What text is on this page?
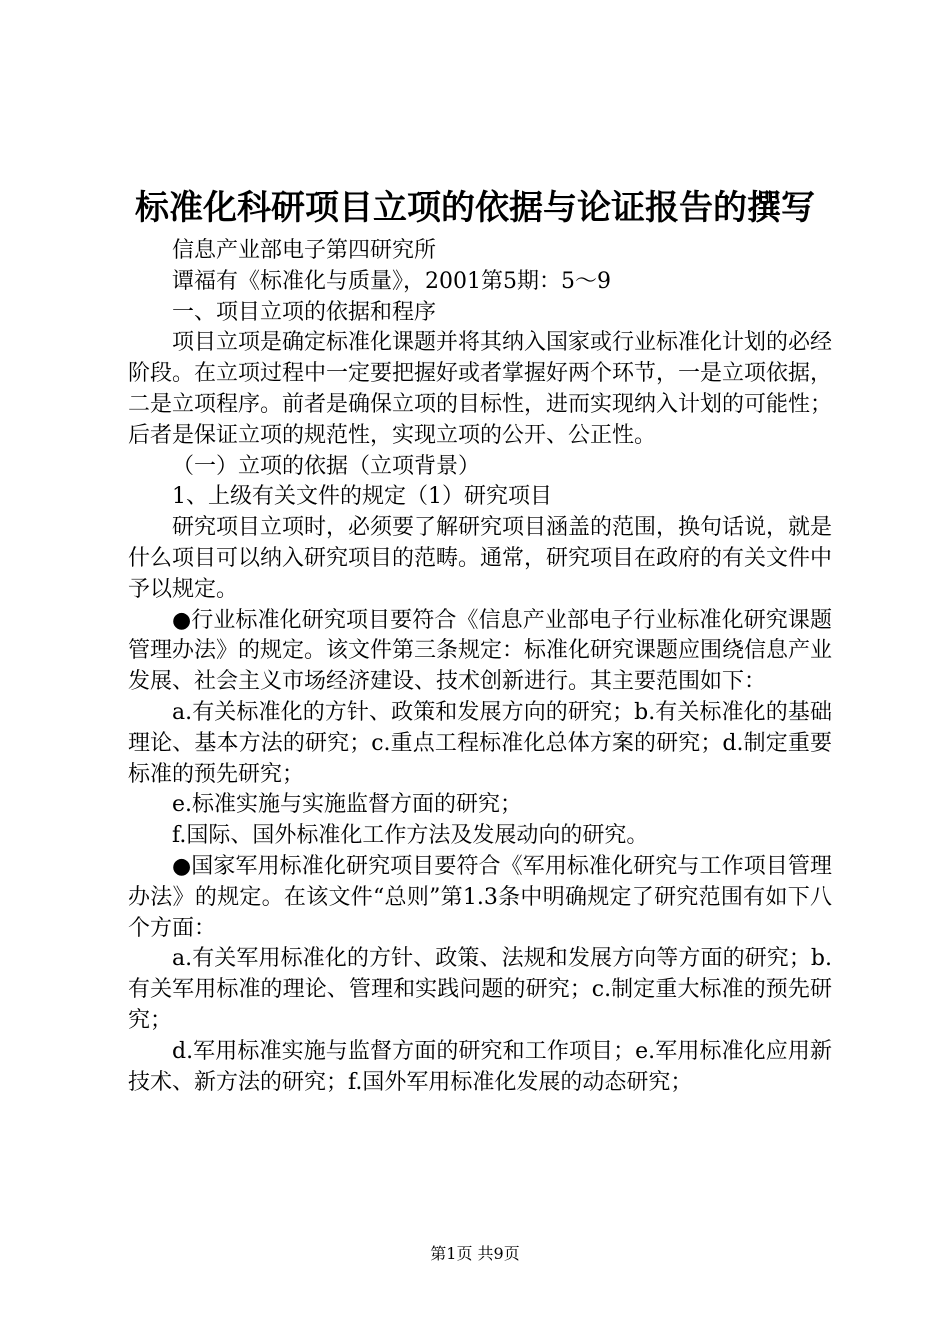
标准化科研项目立项的依据与论证报告的撰写

信息产业部电子第四研究所

谭福有《标准化与质量》，2001第5期：5～9

一、项目立项的依据和程序

项目立项是确定标准化课题并将其纳入国家或行业标准化计划的必经阶段。在立项过程中一定要把握好或者掌握好两个环节，一是立项依据，二是立项程序。前者是确保立项的目标性，进而实现纳入计划的可能性；后者是保证立项的规范性，实现立项的公开、公正性。

（一）立项的依据（立项背景）

1、上级有关文件的规定（1）研究项目

研究项目立项时，必须要了解研究项目涵盖的范围，换句话说，就是什么项目可以纳入研究项目的范畴。通常，研究项目在政府的有关文件中予以规定。

●行业标准化研究项目要符合《信息产业部电子行业标准化研究课题管理办法》的规定。该文件第三条规定：标准化研究课题应围绕信息产业发展、社会主义市场经济建设、技术创新进行。其主要范围如下：

a.有关标准化的方针、政策和发展方向的研究；b.有关标准化的基础理论、基本方法的研究；c.重点工程标准化总体方案的研究；d.制定重要标准的预先研究；

e.标准实施与实施监督方面的研究；

f.国际、国外标准化工作方法及发展动向的研究。

●国家军用标准化研究项目要符合《军用标准化研究与工作项目管理办法》的规定。在该文件“总则”第1.3条中明确规定了研究范围有如下八个方面：

a.有关军用标准化的方针、政策、法规和发展方向等方面的研究；b.有关军用标准的理论、管理和实践问题的研究；c.制定重大标准的预先研究；

d.军用标准实施与监督方面的研究和工作项目；e.军用标准化应用新技术、新方法的研究；f.国外军用标准化发展的动态研究；

第1页 共9页
